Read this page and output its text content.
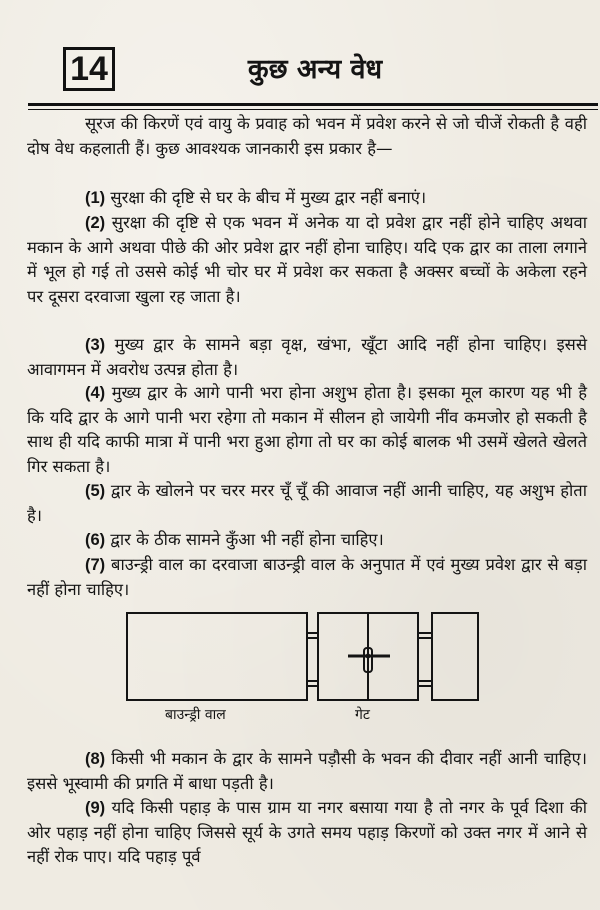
14	कुछ अन्य वेध
सूरज की किरणें एवं वायु के प्रवाह को भवन में प्रवेश करने से जो चीजें रोकती है वही दोष वेध कहलाती हैं। कुछ आवश्यक जानकारी इस प्रकार है—
(1) सुरक्षा की दृष्टि से घर के बीच में मुख्य द्वार नहीं बनाएं।
(2) सुरक्षा की दृष्टि से एक भवन में अनेक या दो प्रवेश द्वार नहीं होने चाहिए अथवा मकान के आगे अथवा पीछे की ओर प्रवेश द्वार नहीं होना चाहिए। यदि एक द्वार का ताला लगाने में भूल हो गई तो उससे कोई भी चोर घर में प्रवेश कर सकता है अक्सर बच्चों के अकेला रहने पर दूसरा दरवाजा खुला रह जाता है।
(3) मुख्य द्वार के सामने बड़ा वृक्ष, खंभा, खूँटा आदि नहीं होना चाहिए। इससे आवागमन में अवरोध उत्पन्न होता है।
(4) मुख्य द्वार के आगे पानी भरा होना अशुभ होता है। इसका मूल कारण यह भी है कि यदि द्वार के आगे पानी भरा रहेगा तो मकान में सीलन हो जायेगी नींव कमजोर हो सकती है साथ ही यदि काफी मात्रा में पानी भरा हुआ होगा तो घर का कोई बालक भी उसमें खेलते खेलते गिर सकता है।
(5) द्वार के खोलने पर चरर मरर चूँ चूँ की आवाज नहीं आनी चाहिए, यह अशुभ होता है।
(6) द्वार के ठीक सामने कुँआ भी नहीं होना चाहिए।
(7) बाउन्ड्री वाल का दरवाजा बाउन्ड्री वाल के अनुपात में एवं मुख्य प्रवेश द्वार से बड़ा नहीं होना चाहिए।
बाउन्ड्री वाल	गेट
(8) किसी भी मकान के द्वार के सामने पड़ौसी के भवन की दीवार नहीं आनी चाहिए। इससे भूस्वामी की प्रगति में बाधा पड़ती है।
(9) यदि किसी पहाड़ के पास ग्राम या नगर बसाया गया है तो नगर के पूर्व दिशा की ओर पहाड़ नहीं होना चाहिए जिससे सूर्य के उगते समय पहाड़ किरणों को उक्त नगर में आने से नहीं रोक पाए। यदि पहाड़ पूर्व
